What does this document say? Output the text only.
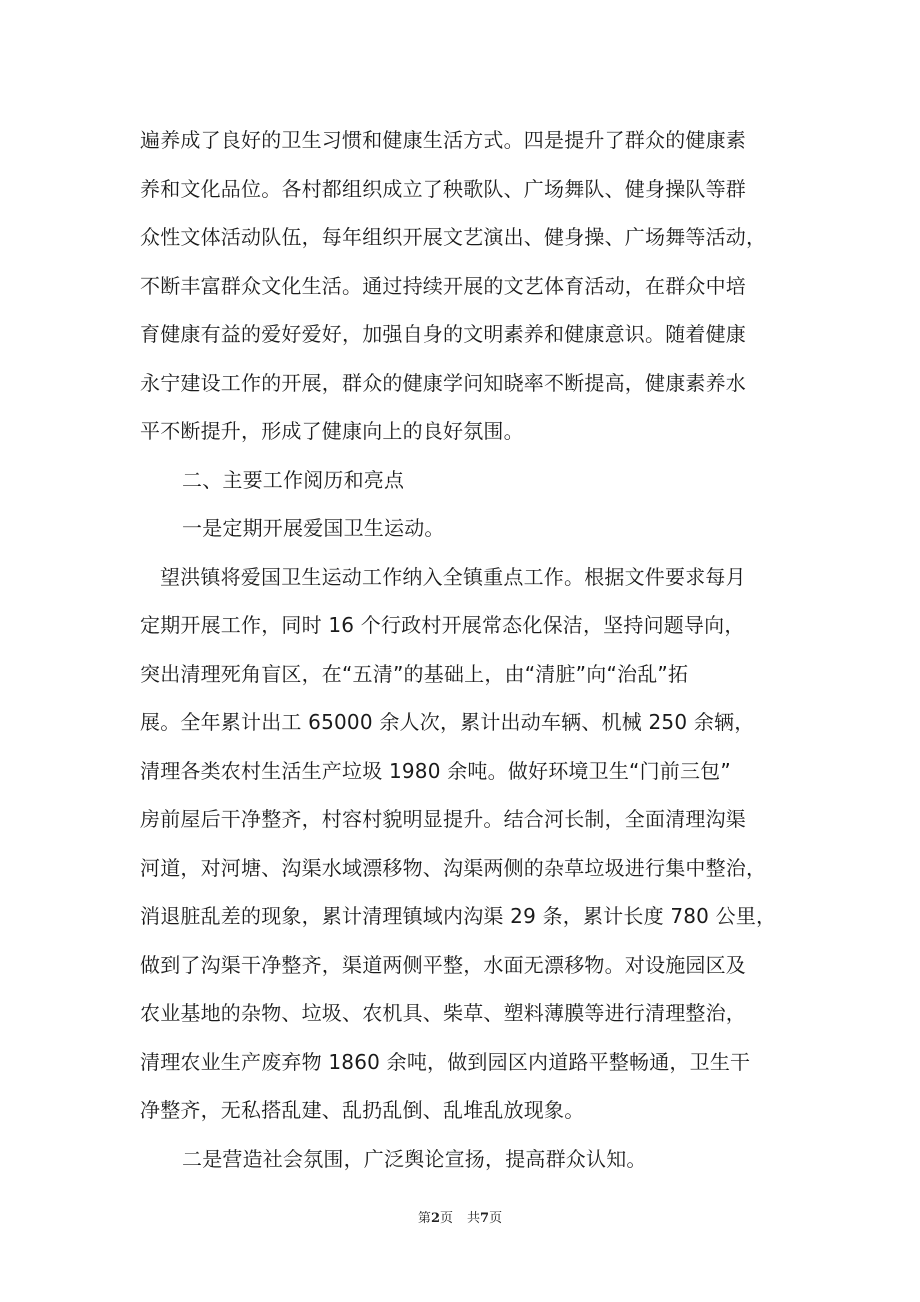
遍养成了良好的卫生习惯和健康生活方式。四是提升了群众的健康素
养和文化品位。各村都组织成立了秧歌队、广场舞队、健身操队等群
众性文体活动队伍，每年组织开展文艺演出、健身操、广场舞等活动，
不断丰富群众文化生活。通过持续开展的文艺体育活动，在群众中培
育健康有益的爱好爱好，加强自身的文明素养和健康意识。随着健康
永宁建设工作的开展，群众的健康学问知晓率不断提高，健康素养水
平不断提升，形成了健康向上的良好氛围。
二、主要工作阅历和亮点
一是定期开展爱国卫生运动。
望洪镇将爱国卫生运动工作纳入全镇重点工作。根据文件要求每月
定期开展工作，同时 16 个行政村开展常态化保洁，坚持问题导向，
突出清理死角盲区，在“五清”的基础上，由“清脏”向“治乱”拓
展。全年累计出工 65000 余人次，累计出动车辆、机械 250 余辆，
清理各类农村生活生产垃圾 1980 余吨。做好环境卫生“门前三包”
房前屋后干净整齐，村容村貌明显提升。结合河长制，全面清理沟渠
河道，对河塘、沟渠水域漂移物、沟渠两侧的杂草垃圾进行集中整治，
消退脏乱差的现象，累计清理镇域内沟渠 29 条，累计长度 780 公里，
做到了沟渠干净整齐，渠道两侧平整，水面无漂移物。对设施园区及
农业基地的杂物、垃圾、农机具、柴草、塑料薄膜等进行清理整治，
清理农业生产废弃物 1860 余吨，做到园区内道路平整畅通，卫生干
净整齐，无私搭乱建、乱扔乱倒、乱堆乱放现象。
二是营造社会氛围，广泛舆论宣扬，提高群众认知。
第2页 共7页
